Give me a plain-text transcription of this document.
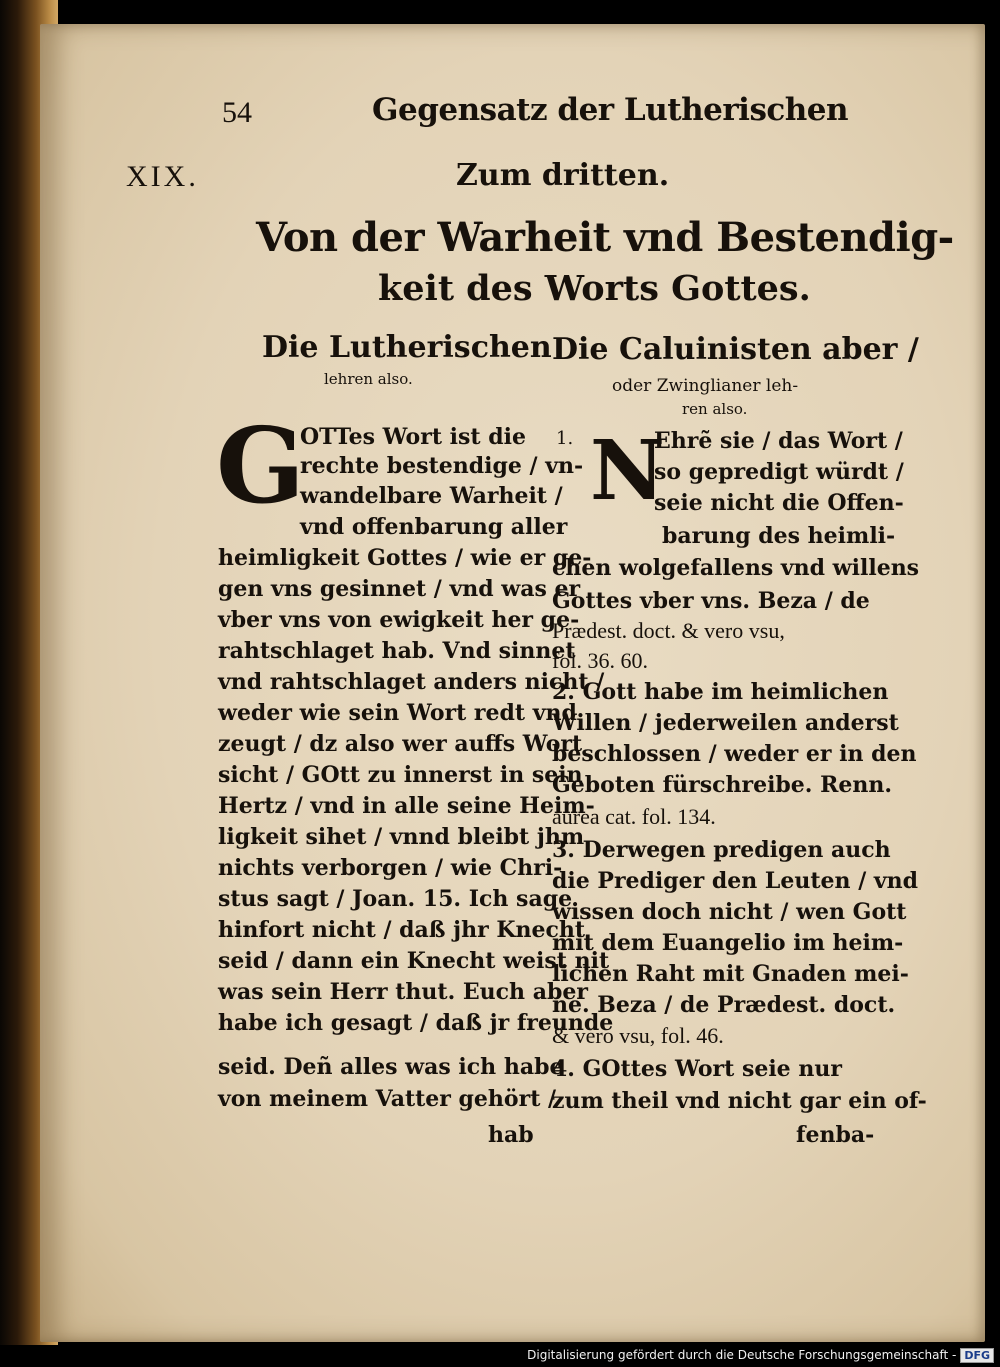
54	Gegensatz der Lutherischen
XIX.	Zum dritten.
Von der Warheit vnd Bestendig-
keit des Worts Gottes.
Die Lutherischen
lehren also.
Die Caluinisten aber /
oder Zwinglianer leh-
ren also.
G
OTTes Wort ist die
rechte bestendige / vn-
wandelbare Warheit /
vnd offenbarung aller
heimligkeit Gottes / wie er ge-
gen vns gesinnet / vnd was er
vber vns von ewigkeit her ge-
rahtschlaget hab. Vnd sinnet
vnd rahtschlaget anders nicht /
weder wie sein Wort redt vnd
zeugt / dz also wer auffs Wort
sicht / GOtt zu innerst in sein
Hertz / vnd in alle seine Heim-
ligkeit sihet / vnnd bleibt jhm
nichts verborgen / wie Chri-
stus sagt / Joan. 15. Ich sage
hinfort nicht / daß jhr Knecht
seid / dann ein Knecht weist nit
was sein Herr thut. Euch aber
habe ich gesagt / daß jr freunde
seid. Deñ alles was ich habe
von meinem Vatter gehört /
hab
1. N
Ehrẽ sie / das Wort /
so gepredigt würdt /
seie nicht die Offen-
barung des heimli-
chen wolgefallens vnd willens
Gottes vber vns. Beza / de
Prædest. doct. & vero vsu,
fol. 36. 60.
2. Gott habe im heimlichen
Willen / jederweilen anderst
beschlossen / weder er in den
Geboten fürschreibe. Renn.
aurea cat. fol. 134.
3. Derwegen predigen auch
die Prediger den Leuten / vnd
wissen doch nicht / wen Gott
mit dem Euangelio im heim-
lichen Raht mit Gnaden mei-
ne. Beza / de Prædest. doct.
& vero vsu, fol. 46.
4. GOttes Wort seie nur
zum theil vnd nicht gar ein of-
fenba-
Digitalisierung gefördert durch die Deutsche Forschungsgemeinschaft - DFG
